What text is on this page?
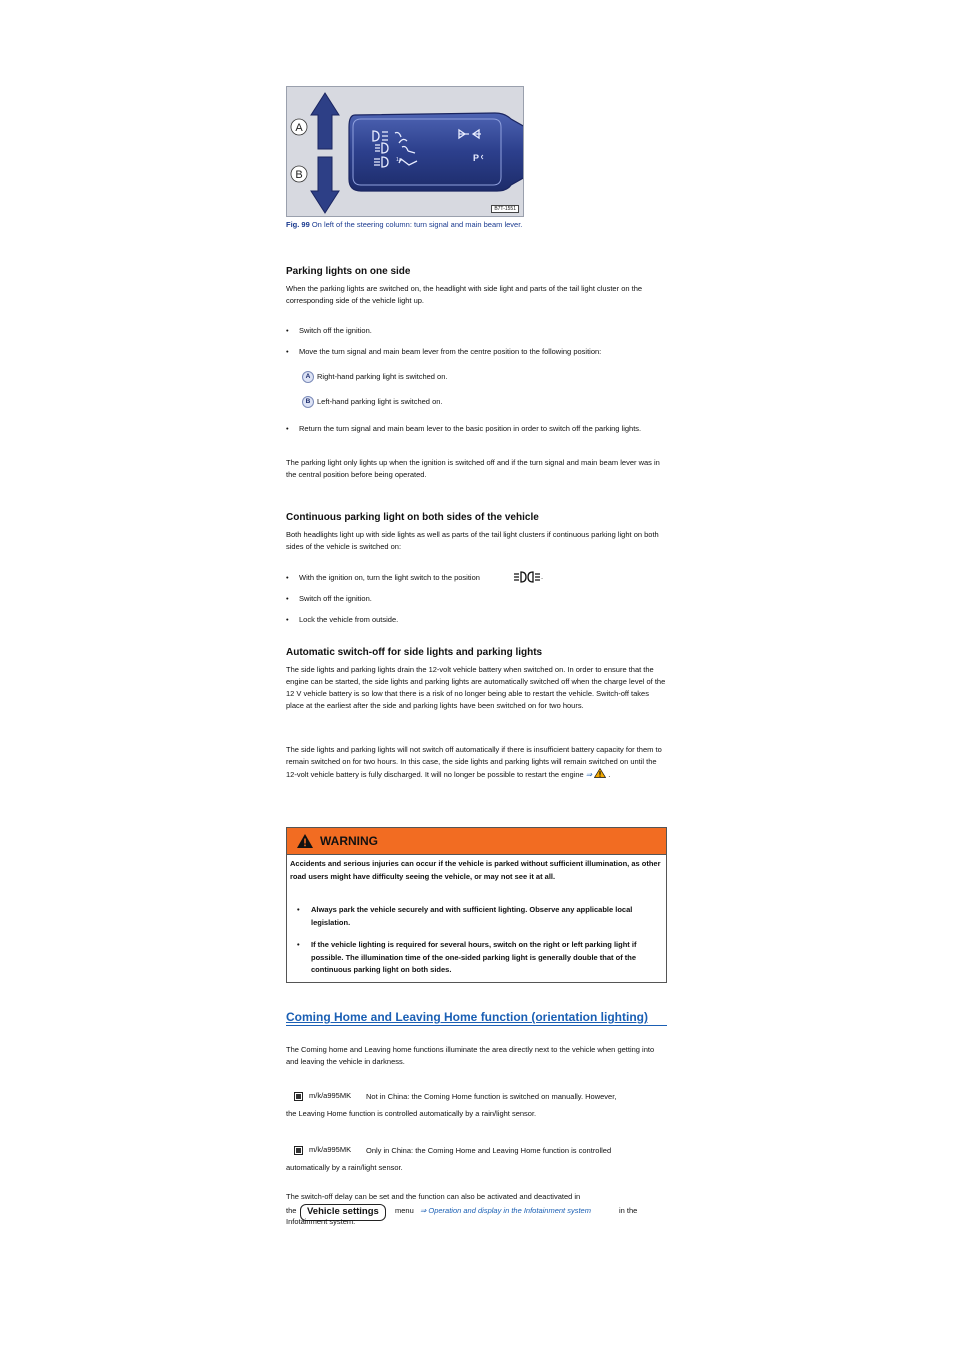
1a	P
A
B
B7T-1551
Fig. 99 On left of the steering column: turn signal and main beam lever.
Parking lights on one side

When the parking lights are switched on, the headlight with side light and parts of the tail light cluster on the corresponding side of the vehicle light up.

• Switch off the ignition.
• Move the turn signal and main beam lever from the centre position to the following position:
A Right-hand parking light is switched on.

B Left-hand parking light is switched on.

• Return the turn signal and main beam lever to the basic position in order to switch off the parking lights.

The parking light only lights up when the ignition is switched off and if the turn signal and main beam lever was in the central position before being operated.

Continuous parking light on both sides of the vehicle

Both headlights light up with side lights as well as parts of the tail light clusters if continuous parking light on both sides of the vehicle is switched on:

• With the ignition on, turn the light switch to the position	.
• Switch off the ignition.
• Lock the vehicle from outside.
Automatic switch-off for side lights and parking lights

The side lights and parking lights drain the 12-volt vehicle battery when switched on. In order to ensure that the engine can be started, the side lights and parking lights are automatically switched off when the charge level of the 12 V vehicle battery is so low that there is a risk of no longer being able to restart the vehicle. Switch-off takes place at the earliest after the side and parking lights have been switched on for two hours.

The side lights and parking lights will not switch off automatically if there is insufficient battery capacity for them to remain switched on for two hours. In this case, the side lights and parking lights will remain switched on until the 12-volt vehicle battery is fully discharged. It will no longer be possible to restart the engine ⇒  .

WARNING

Accidents and serious injuries can occur if the vehicle is parked without sufficient illumination, as other road users might have difficulty seeing the vehicle, or may not see it at all.

• Always park the vehicle securely and with sufficient lighting. Observe any applicable local legislation.
• If the vehicle lighting is required for several hours, switch on the right or left parking light if possible. The illumination time of the one-sided parking light is generally double that of the continuous parking light on both sides.
Coming Home and Leaving Home function (orientation lighting)

The Coming home and Leaving home functions illuminate the area directly next to the vehicle when getting into and leaving the vehicle in darkness.

m/k/a995MK Not in China: the Coming Home function is switched on manually. However,

the Leaving Home function is controlled automatically by a rain/light sensor.

m/k/a995MK Only in China: the Coming Home and Leaving Home function is controlled

automatically by a rain/light sensor.

The switch-off delay can be set and the function can also be activated and deactivated in

the	Vehicle settings	menu ⇒ Operation and display in the Infotainment system	in the

Infotainment system:
